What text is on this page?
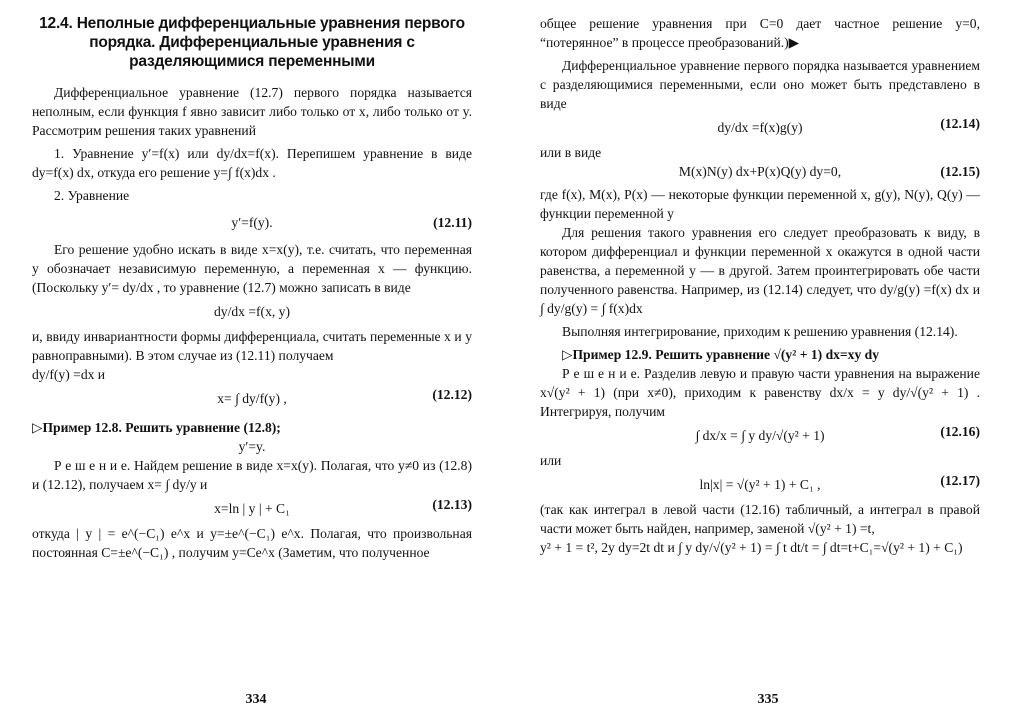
12.4. Неполные дифференциальные уравнения первого порядка. Дифференциальные уравнения с разделяющимися переменными

Дифференциальное уравнение (12.7) первого порядка называется неполным, если функция f явно зависит либо только от x, либо только от y. Рассмотрим решения таких уравнений

1. Уравнение y′=f(x) или dy/dx=f(x). Перепишем уравнение в виде dy=f(x) dx, откуда его решение y=∫ f(x)dx .

2. Уравнение

y′=f(y).	(12.11)

Его решение удобно искать в виде x=x(y), т.е. считать, что переменная y обозначает независимую переменную, а переменная x — функцию. (Поскольку y′= dy/dx , то уравнение (12.7) можно записать в виде

dy/dx =f(x, y)

и, ввиду инвариантности формы дифференциала, считать переменные x и y равноправными). В этом случае из (12.11) получаем

dy/f(y) =dx и

x= ∫ dy/f(y) ,	(12.12)

▷Пример 12.8. Решить уравнение (12.8);

y′=y.

Р е ш е н и е. Найдем решение в виде x=x(y). Полагая, что y≠0 из (12.8) и (12.12), получаем x= ∫ dy/y и

x=ln | y | + C₁	(12.13)

откуда | y | = e^(−C₁) e^x и y=±e^(−C₁) e^x. Полагая, что произвольная постоянная C=±e^(−C₁) , получим y=Ce^x (Заметим, что полученное

334

общее решение уравнения при C=0 дает частное решение y=0, “потерянное” в процессе преобразований.)▶

Дифференциальное уравнение первого порядка называется уравнением с разделяющимися переменными, если оно может быть представлено в виде

dy/dx =f(x)g(y)	(12.14)

или в виде

M(x)N(y) dx+P(x)Q(y) dy=0,	(12.15)

где f(x), M(x), P(x) — некоторые функции переменной x, g(y), N(y), Q(y) — функции переменной y

Для решения такого уравнения его следует преобразовать к виду, в котором дифференциал и функции переменной x окажутся в одной части равенства, а переменной y — в другой. Затем проинтегрировать обе части полученного равенства. Например, из (12.14) следует, что dy/g(y) =f(x) dx и ∫ dy/g(y) = ∫ f(x)dx

Выполняя интегрирование, приходим к решению уравнения (12.14).

▷Пример 12.9. Решить уравнение √(y² + 1) dx=xy dy

Р е ш е н и е. Разделив левую и правую части уравнения на выражение x√(y² + 1) (при x≠0), приходим к равенству dx/x = y dy/√(y² + 1) . Интегрируя, получим

∫ dx/x = ∫ y dy/√(y² + 1)	(12.16)

или

ln|x| = √(y² + 1) + C₁ ,	(12.17)

(так как интеграл в левой части (12.16) табличный, а интеграл в правой части может быть найден, например, заменой √(y² + 1) =t,

y² + 1 = t², 2y dy=2t dt и ∫ y dy/√(y² + 1) = ∫ t dt/t = ∫ dt=t+C₁=√(y² + 1) + C₁)

335
